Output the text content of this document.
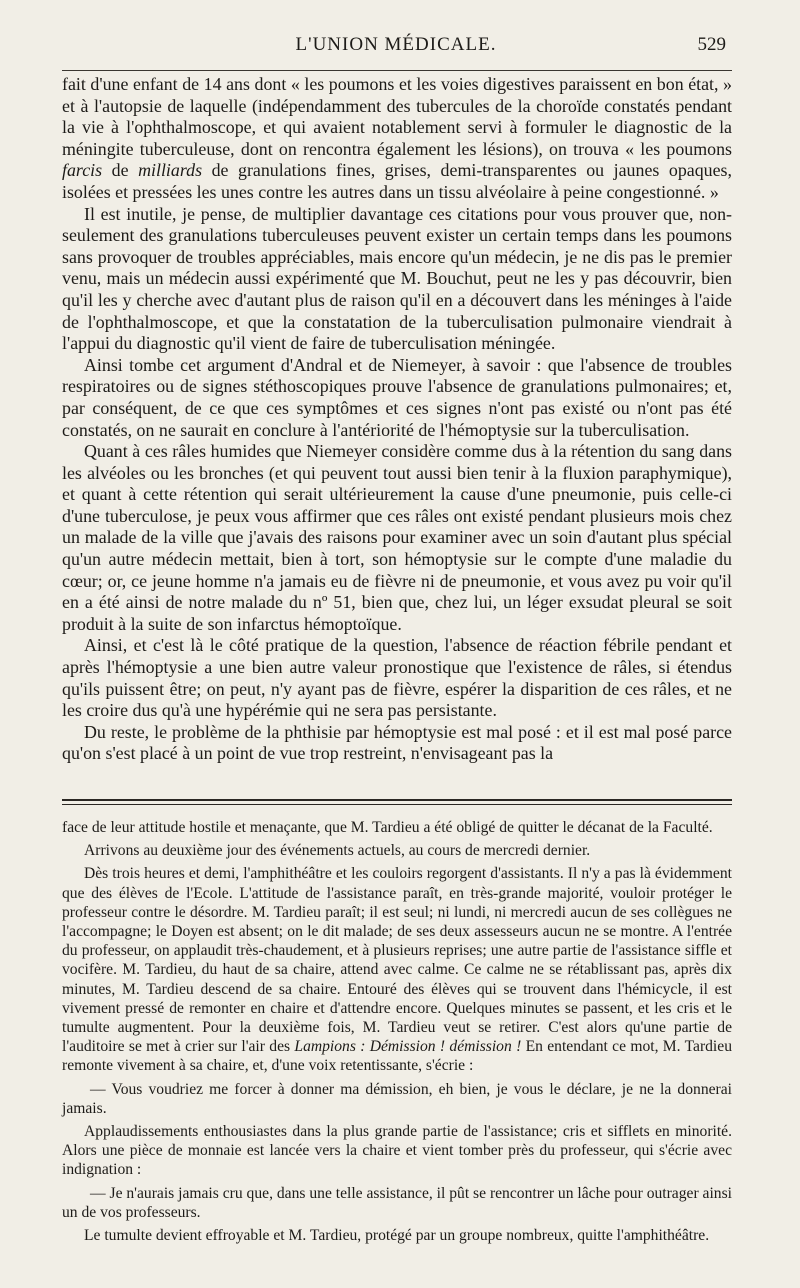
L'UNION MÉDICALE.	529

fait d'une enfant de 14 ans dont « les poumons et les voies digestives paraissent en bon état, » et à l'autopsie de laquelle (indépendamment des tubercules de la choroïde constatés pendant la vie à l'ophthalmoscope, et qui avaient notablement servi à formuler le diagnostic de la méningite tuberculeuse, dont on rencontra également les lésions), on trouva « les poumons farcis de milliards de granulations fines, grises, demi-transparentes ou jaunes opaques, isolées et pressées les unes contre les autres dans un tissu alvéolaire à peine congestionné. »

Il est inutile, je pense, de multiplier davantage ces citations pour vous prouver que, non-seulement des granulations tuberculeuses peuvent exister un certain temps dans les poumons sans provoquer de troubles appréciables, mais encore qu'un médecin, je ne dis pas le premier venu, mais un médecin aussi expérimenté que M. Bouchut, peut ne les y pas découvrir, bien qu'il les y cherche avec d'autant plus de raison qu'il en a découvert dans les méninges à l'aide de l'ophthalmoscope, et que la constatation de la tuberculisation pulmonaire viendrait à l'appui du diagnostic qu'il vient de faire de tuberculisation méningée.

Ainsi tombe cet argument d'Andral et de Niemeyer, à savoir : que l'absence de troubles respiratoires ou de signes stéthoscopiques prouve l'absence de granulations pulmonaires; et, par conséquent, de ce que ces symptômes et ces signes n'ont pas existé ou n'ont pas été constatés, on ne saurait en conclure à l'antériorité de l'hémoptysie sur la tuberculisation.

Quant à ces râles humides que Niemeyer considère comme dus à la rétention du sang dans les alvéoles ou les bronches (et qui peuvent tout aussi bien tenir à la fluxion paraphymique), et quant à cette rétention qui serait ultérieurement la cause d'une pneumonie, puis celle-ci d'une tuberculose, je peux vous affirmer que ces râles ont existé pendant plusieurs mois chez un malade de la ville que j'avais des raisons pour examiner avec un soin d'autant plus spécial qu'un autre médecin mettait, bien à tort, son hémoptysie sur le compte d'une maladie du cœur; or, ce jeune homme n'a jamais eu de fièvre ni de pneumonie, et vous avez pu voir qu'il en a été ainsi de notre malade du nº 51, bien que, chez lui, un léger exsudat pleural se soit produit à la suite de son infarctus hémoptoïque.

Ainsi, et c'est là le côté pratique de la question, l'absence de réaction fébrile pendant et après l'hémoptysie a une bien autre valeur pronostique que l'existence de râles, si étendus qu'ils puissent être; on peut, n'y ayant pas de fièvre, espérer la disparition de ces râles, et ne les croire dus qu'à une hypérémie qui ne sera pas persistante.

Du reste, le problème de la phthisie par hémoptysie est mal posé : et il est mal posé parce qu'on s'est placé à un point de vue trop restreint, n'envisageant pas la

face de leur attitude hostile et menaçante, que M. Tardieu a été obligé de quitter le décanat de la Faculté.

Arrivons au deuxième jour des événements actuels, au cours de mercredi dernier.

Dès trois heures et demi, l'amphithéâtre et les couloirs regorgent d'assistants. Il n'y a pas là évidemment que des élèves de l'Ecole. L'attitude de l'assistance paraît, en très-grande majorité, vouloir protéger le professeur contre le désordre. M. Tardieu paraît; il est seul; ni lundi, ni mercredi aucun de ses collègues ne l'accompagne; le Doyen est absent; on le dit malade; de ses deux assesseurs aucun ne se montre. A l'entrée du professeur, on applaudit très-chaudement, et à plusieurs reprises; une autre partie de l'assistance siffle et vocifère. M. Tardieu, du haut de sa chaire, attend avec calme. Ce calme ne se rétablissant pas, après dix minutes, M. Tardieu descend de sa chaire. Entouré des élèves qui se trouvent dans l'hémicycle, il est vivement pressé de remonter en chaire et d'attendre encore. Quelques minutes se passent, et les cris et le tumulte augmentent. Pour la deuxième fois, M. Tardieu veut se retirer. C'est alors qu'une partie de l'auditoire se met à crier sur l'air des Lampions : Démission ! démission ! En entendant ce mot, M. Tardieu remonte vivement à sa chaire, et, d'une voix retentissante, s'écrie :

— Vous voudriez me forcer à donner ma démission, eh bien, je vous le déclare, je ne la donnerai jamais.

Applaudissements enthousiastes dans la plus grande partie de l'assistance; cris et sifflets en minorité. Alors une pièce de monnaie est lancée vers la chaire et vient tomber près du professeur, qui s'écrie avec indignation :

— Je n'aurais jamais cru que, dans une telle assistance, il pût se rencontrer un lâche pour outrager ainsi un de vos professeurs.

Le tumulte devient effroyable et M. Tardieu, protégé par un groupe nombreux, quitte l'amphithéâtre.
